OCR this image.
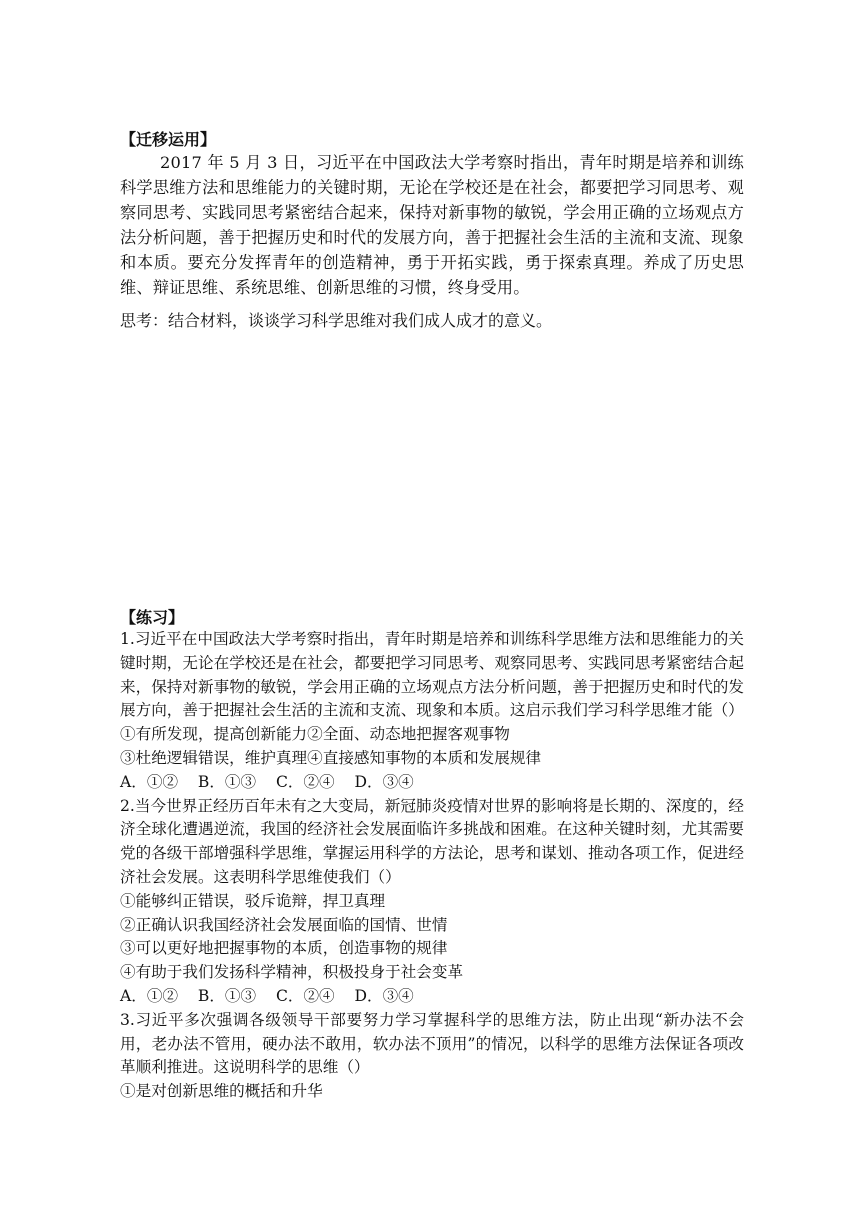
【迁移运用】
2017 年 5 月 3 日，习近平在中国政法大学考察时指出，青年时期是培养和训练科学思维方法和思维能力的关键时期，无论在学校还是在社会，都要把学习同思考、观察同思考、实践同思考紧密结合起来，保持对新事物的敏锐，学会用正确的立场观点方法分析问题，善于把握历史和时代的发展方向，善于把握社会生活的主流和支流、现象和本质。要充分发挥青年的创造精神，勇于开拓实践，勇于探索真理。养成了历史思维、辩证思维、系统思维、创新思维的习惯，终身受用。
思考：结合材料，谈谈学习科学思维对我们成人成才的意义。
【练习】

1.习近平在中国政法大学考察时指出，青年时期是培养和训练科学思维方法和思维能力的关键时期，无论在学校还是在社会，都要把学习同思考、观察同思考、实践同思考紧密结合起来，保持对新事物的敏锐，学会用正确的立场观点方法分析问题，善于把握历史和时代的发展方向，善于把握社会生活的主流和支流、现象和本质。这启示我们学习科学思维才能（）

①有所发现，提高创新能力②全面、动态地把握客观事物

③杜绝逻辑错误，维护真理④直接感知事物的本质和发展规律

A．①②    B．①③    C．②④    D．③④

2.当今世界正经历百年未有之大变局，新冠肺炎疫情对世界的影响将是长期的、深度的，经济全球化遭遇逆流，我国的经济社会发展面临许多挑战和困难。在这种关键时刻，尤其需要党的各级干部增强科学思维，掌握运用科学的方法论，思考和谋划、推动各项工作，促进经济社会发展。这表明科学思维使我们（）

①能够纠正错误，驳斥诡辩，捍卫真理

②正确认识我国经济社会发展面临的国情、世情

③可以更好地把握事物的本质，创造事物的规律

④有助于我们发扬科学精神，积极投身于社会变革

A．①②    B．①③    C．②④    D．③④

3.习近平多次强调各级领导干部要努力学习掌握科学的思维方法，防止出现“新办法不会用，老办法不管用，硬办法不敢用，软办法不顶用”的情况，以科学的思维方法保证各项改革顺利推进。这说明科学的思维（）

①是对创新思维的概括和升华
